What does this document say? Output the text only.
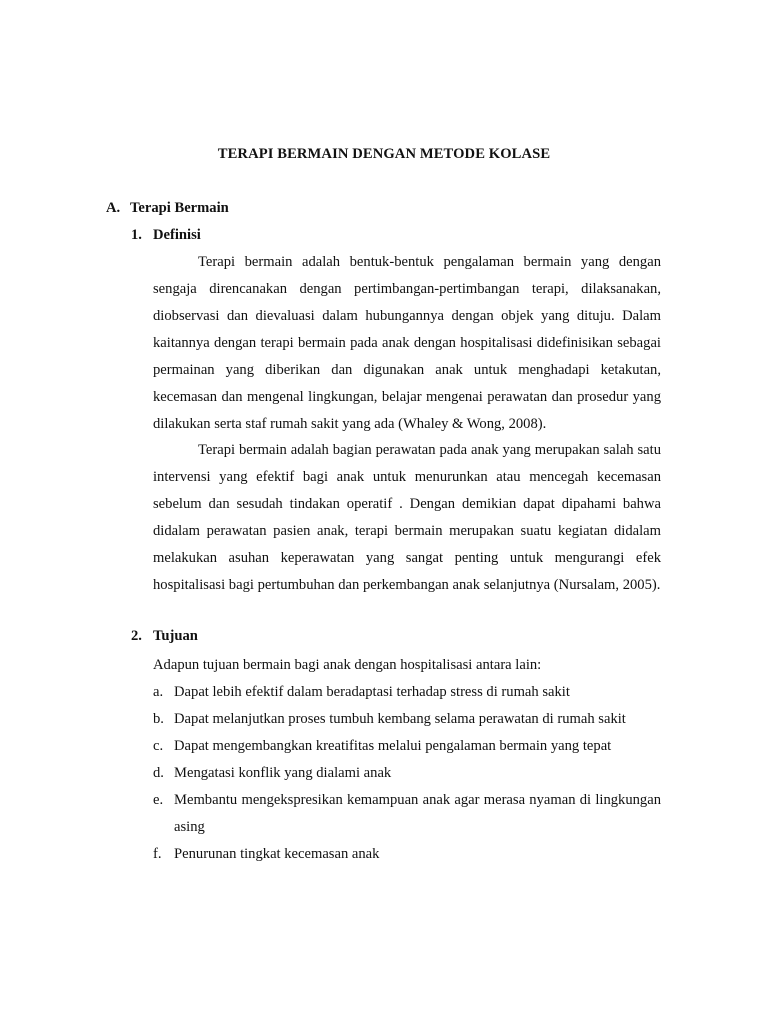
TERAPI BERMAIN DENGAN METODE KOLASE
A. Terapi Bermain
1. Definisi

Terapi bermain adalah bentuk-bentuk pengalaman bermain yang dengan sengaja direncanakan dengan pertimbangan-pertimbangan terapi, dilaksanakan, diobservasi dan dievaluasi dalam hubungannya dengan objek yang dituju. Dalam kaitannya dengan terapi bermain pada anak dengan hospitalisasi didefinisikan sebagai permainan yang diberikan dan digunakan anak untuk menghadapi ketakutan, kecemasan dan mengenal lingkungan, belajar mengenai perawatan dan prosedur yang dilakukan serta staf rumah sakit yang ada (Whaley & Wong, 2008).

Terapi bermain adalah bagian perawatan pada anak yang merupakan salah satu intervensi yang efektif bagi anak untuk menurunkan atau mencegah kecemasan sebelum dan sesudah tindakan operatif . Dengan demikian dapat dipahami bahwa didalam perawatan pasien anak, terapi bermain merupakan suatu kegiatan didalam melakukan asuhan keperawatan yang sangat penting untuk mengurangi efek hospitalisasi bagi pertumbuhan dan perkembangan anak selanjutnya (Nursalam, 2005).

2. Tujuan

Adapun tujuan bermain bagi anak dengan hospitalisasi antara lain:

a. Dapat lebih efektif dalam beradaptasi terhadap stress di rumah sakit
b. Dapat melanjutkan proses tumbuh kembang selama perawatan di rumah sakit
c. Dapat mengembangkan kreatifitas melalui pengalaman bermain yang tepat
d. Mengatasi konflik yang dialami anak
e. Membantu mengekspresikan kemampuan anak agar merasa nyaman di lingkungan asing
f. Penurunan tingkat kecemasan anak
